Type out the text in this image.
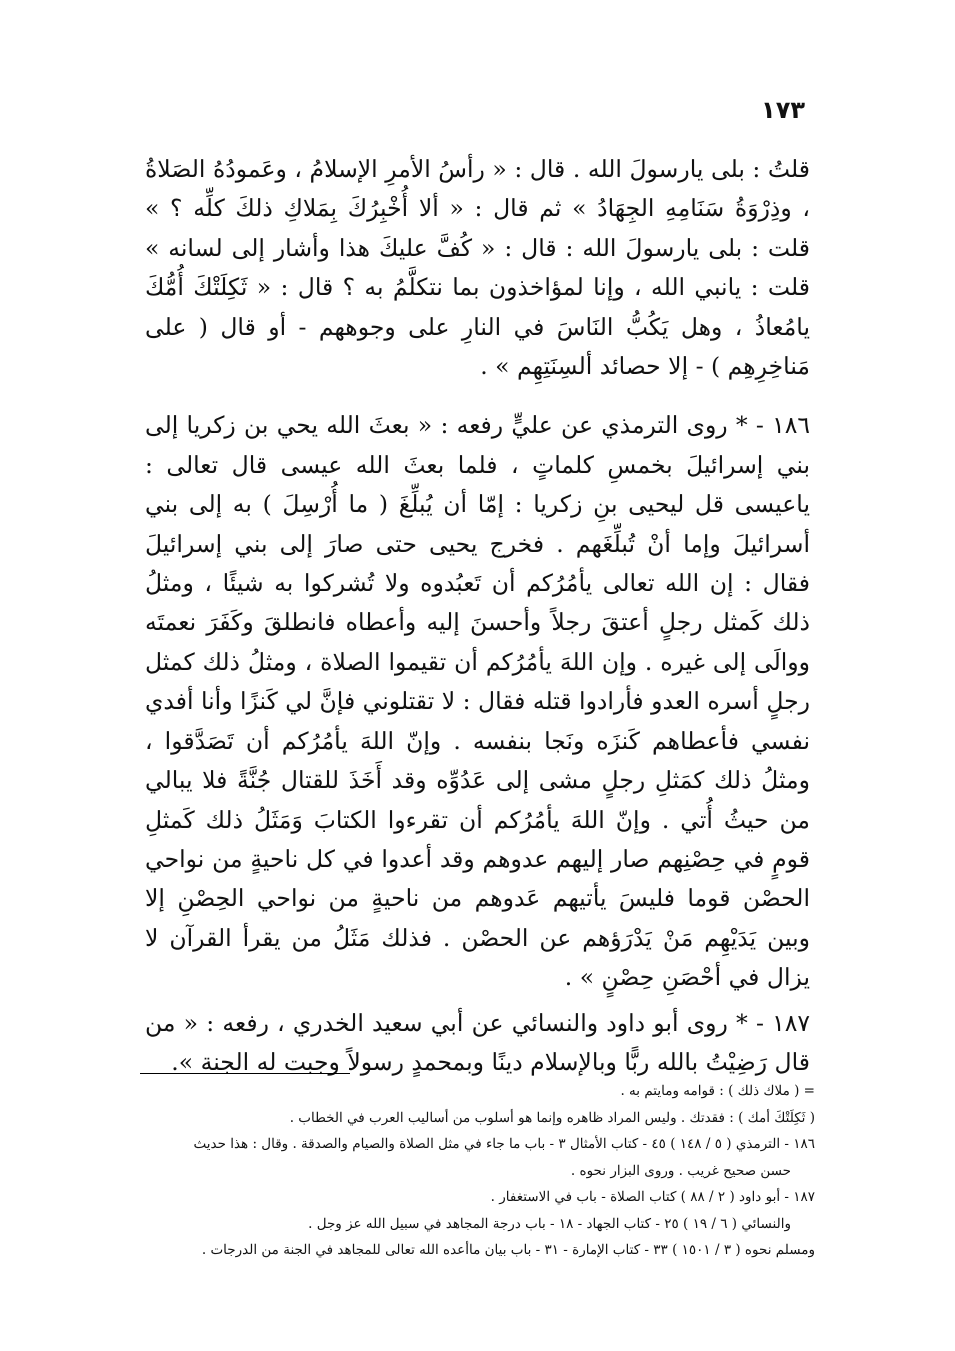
١٧٣

قلتُ : بلى يارسولَ الله . قال : « رأسُ الأمرِ الإسلامُ ، وعَمودُهُ الصَلاةُ ، وذِرْوَةُ سَنَامِهِ الجِهَادُ » ثم قال : « ألا أُخْبِرُكَ بِمَلاكِ ذلكَ كلِّه ؟ » قلت : بلى يارسولَ الله : قال : « كُفَّ عليكَ هذا وأشار إلى لسانه » قلت : يانبي الله ، وإنا لمؤاخذون بما نتكلَّمُ به ؟ قال : « ثَكِلَتْكَ أُمُّكَ يامُعاذُ ، وهل يَكُبُّ النَاسَ في النارِ على وجوههم - أو قال ( على مَناخِرِهِم ) - إلا حصائد ألسِنَتِهِم » .

١٨٦ - * روى الترمذي عن عليٍّ رفعه : « بعثَ الله يحي بن زكريا إلى بني إسرائيلَ بخمسِ كلماتٍ ، فلما بعثَ الله عيسى قال تعالى : ياعيسى قل ليحيى بنِ زكريا : إمّا أن يُبلِّغَ ( ما أُرْسِلَ ) به إلى بني أسرائيلَ وإما أنْ تُبلِّغَهم . فخرج يحيى حتى صارَ إلى بني إسرائيلَ فقال : إن الله تعالى يأمُرُكم أن تَعبُدوه ولا تُشركوا به شيئًا ، ومثلُ ذلك كَمثل رجلٍ أعتقَ رجلاً وأحسنَ إليه وأعطاه فانطلقَ وكَفَرَ نعمتَه ووالَى إلى غيره . وإن اللهَ يأمُرُكم أن تقيموا الصلاة ، ومثلُ ذلك كمثل رجلٍ أسره العدو فأرادوا قتله فقال : لا تقتلوني فإنَّ لي كَنزًا وأنا أفدي نفسي فأعطاهم كَنزَه ونَجا بنفسه . وإنّ اللهَ يأمُرُكم أن تَصَدَّقوا ، ومثلُ ذلك كمَثلِ رجلٍ مشى إلى عَدُوِّه وقد أَخَذَ للقتال جُنَّةً فلا يبالي من حيثُ أُتي . وإنّ اللهَ يأمُرُكم أن تقرءوا الكتابَ وَمَثَلُ ذلك كَمثلِ قومٍ في حِصْنِهم صار إليهم عدوهم وقد أعدوا في كل ناحيةٍ من نواحي الحصْن قوما فليسَ يأتيهم عَدوهم من ناحيةٍ من نواحي الحِصْنِ إلا وبين يَدَيْهِم مَنْ يَدْرَؤهم عن الحصْن . فذلك مَثَلُ من يقرأ القرآن لا يزال في أحْصَنِ حِصْنٍ » .

١٨٧ - * روى أبو داود والنسائي عن أبي سعيد الخدري ، رفعه : « من قال رَضِيْتُ بالله ربًّا وبالإسلام دينًا وبمحمدٍ رسولاً وجبت له الجنة ».

= ( ملاك ذلك ) : قوامه ومايتم به .

( ثَكِلَتْكَ أمك ) : فقدتك . وليس المراد ظاهره وإنما هو أسلوب من أساليب العرب في الخطاب .

١٨٦ - الترمذي ( ٥ / ١٤٨ ) ٤٥ - كتاب الأمثال ٣ - باب ما جاء في مثل الصلاة والصيام والصدقة . وقال : هذا حديث

حسن صحيح غريب . وروى البزار نحوه .

١٨٧ - أبو داود ( ٢ / ٨٨ ) كتاب الصلاة - باب في الاستغفار .

والنسائي ( ٦ / ١٩ ) ٢٥ - كتاب الجهاد - ١٨ - باب درجة المجاهد في سبيل الله عز وجل .

ومسلم نحوه ( ٣ / ١٥٠١ ) ٣٣ - كتاب الإمارة - ٣١ - باب بيان ماأعده الله تعالى للمجاهد في الجنة من الدرجات .
